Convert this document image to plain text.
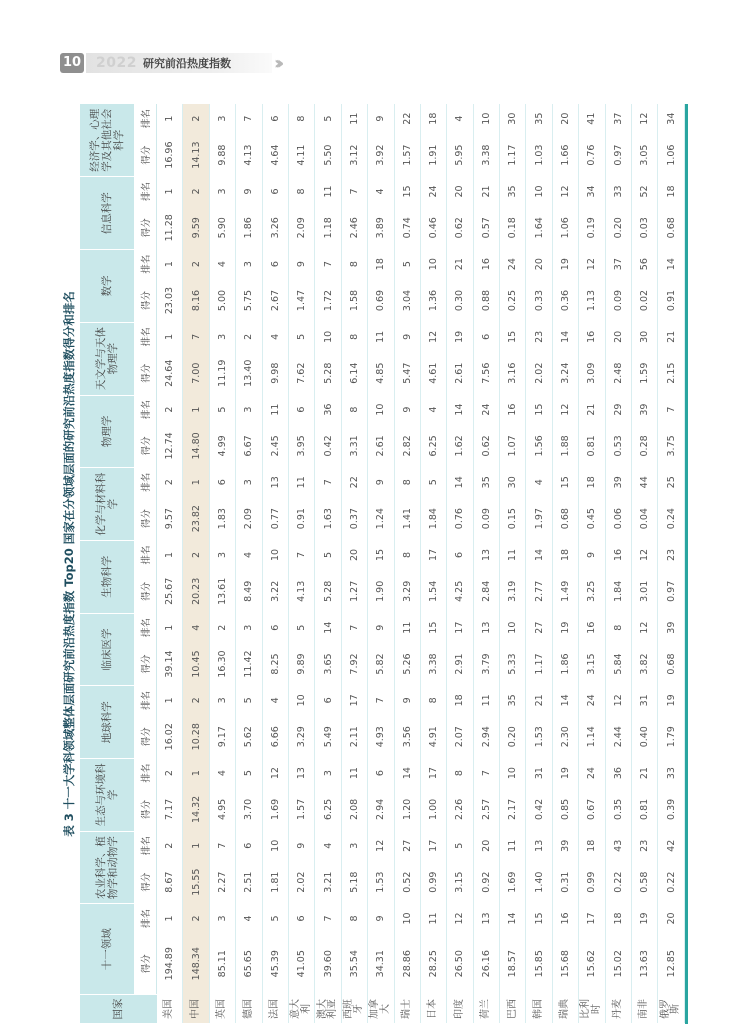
10 2022 研究前沿热度指数 ›››
表 3 十一大学科领域整体层面研究前沿热度指数 Top20 国家在分领域层面的研究前沿热度指数得分和排名
国家	十一领域		农业科学、植物学和动物学		生态与环境科学		地球科学		临床医学		生物科学		化学与材料科学		物理学		天文学与天体物理学		数学		信息科学		经济学、心理学及其他社会科学	
	得分	排名	得分	排名	得分	排名	得分	排名	得分	排名	得分	排名	得分	排名	得分	排名	得分	排名	得分	排名	得分	排名	得分	排名
美国	194.89	1	8.67	2	7.17	2	16.02	1	39.14	1	25.67	1	9.57	2	12.74	2	24.64	1	23.03	1	11.28	1	16.96	1
中国	148.34	2	15.55	1	14.32	1	10.28	2	10.45	4	20.23	2	23.82	1	14.80	1	7.00	7	8.16	2	9.59	2	14.13	2
英国	85.11	3	2.27	7	4.95	4	9.17	3	16.30	2	13.61	3	1.83	6	4.99	5	11.19	3	5.00	4	5.90	3	9.88	3
德国	65.65	4	2.51	6	3.70	5	5.62	5	11.42	3	8.49	4	2.09	3	6.67	3	13.40	2	5.75	3	1.86	9	4.13	7
法国	45.39	5	1.81	10	1.69	12	6.66	4	8.25	6	3.22	10	0.77	13	2.45	11	9.98	4	2.67	6	3.26	6	4.64	6
意大利	41.05	6	2.02	9	1.57	13	3.29	10	9.89	5	4.13	7	0.91	11	3.95	6	7.62	5	1.47	9	2.09	8	4.11	8
澳大利亚	39.60	7	3.21	4	6.25	3	5.49	6	3.65	14	5.28	5	1.63	7	0.42	36	5.28	10	1.72	7	1.18	11	5.50	5
西班牙	35.54	8	5.18	3	2.08	11	2.11	17	7.92	7	1.27	20	0.37	22	3.31	8	6.14	8	1.58	8	2.46	7	3.12	11
加拿大	34.31	9	1.53	12	2.94	6	4.93	7	5.82	9	1.90	15	1.24	9	2.61	10	4.85	11	0.69	18	3.89	4	3.92	9
瑞士	28.86	10	0.52	27	1.20	14	3.56	9	5.26	11	3.29	8	1.41	8	2.82	9	5.47	9	3.04	5	0.74	15	1.57	22
日本	28.25	11	0.99	17	1.00	17	4.91	8	3.38	15	1.54	17	1.84	5	6.25	4	4.61	12	1.36	10	0.46	24	1.91	18
印度	26.50	12	3.15	5	2.26	8	2.07	18	2.91	17	4.25	6	0.76	14	1.62	14	2.61	19	0.30	21	0.62	20	5.95	4
荷兰	26.16	13	0.92	20	2.57	7	2.94	11	3.79	13	2.84	13	0.09	35	0.62	24	7.56	6	0.88	16	0.57	21	3.38	10
巴西	18.57	14	1.69	11	2.17	10	0.20	35	5.33	10	3.19	11	0.15	30	1.07	16	3.16	15	0.25	24	0.18	35	1.17	30
韩国	15.85	15	1.40	13	0.42	31	1.53	21	1.17	27	2.77	14	1.97	4	1.56	15	2.02	23	0.33	20	1.64	10	1.03	35
瑞典	15.68	16	0.31	39	0.85	19	2.30	14	1.86	19	1.49	18	0.68	15	1.88	12	3.24	14	0.36	19	1.06	12	1.66	20
比利时	15.62	17	0.99	18	0.67	24	1.14	24	3.15	16	3.25	9	0.45	18	0.81	21	3.09	16	1.13	12	0.19	34	0.76	41
丹麦	15.02	18	0.22	43	0.35	36	2.44	12	5.84	8	1.84	16	0.06	39	0.53	29	2.48	20	0.09	37	0.20	33	0.97	37
南非	13.63	19	0.58	23	0.81	21	0.40	31	3.82	12	3.01	12	0.04	44	0.28	39	1.59	30	0.02	56	0.03	52	3.05	12
俄罗斯	12.85	20	0.22	42	0.39	33	1.79	19	0.68	39	0.97	23	0.24	25	3.75	7	2.15	21	0.91	14	0.68	18	1.06	34
